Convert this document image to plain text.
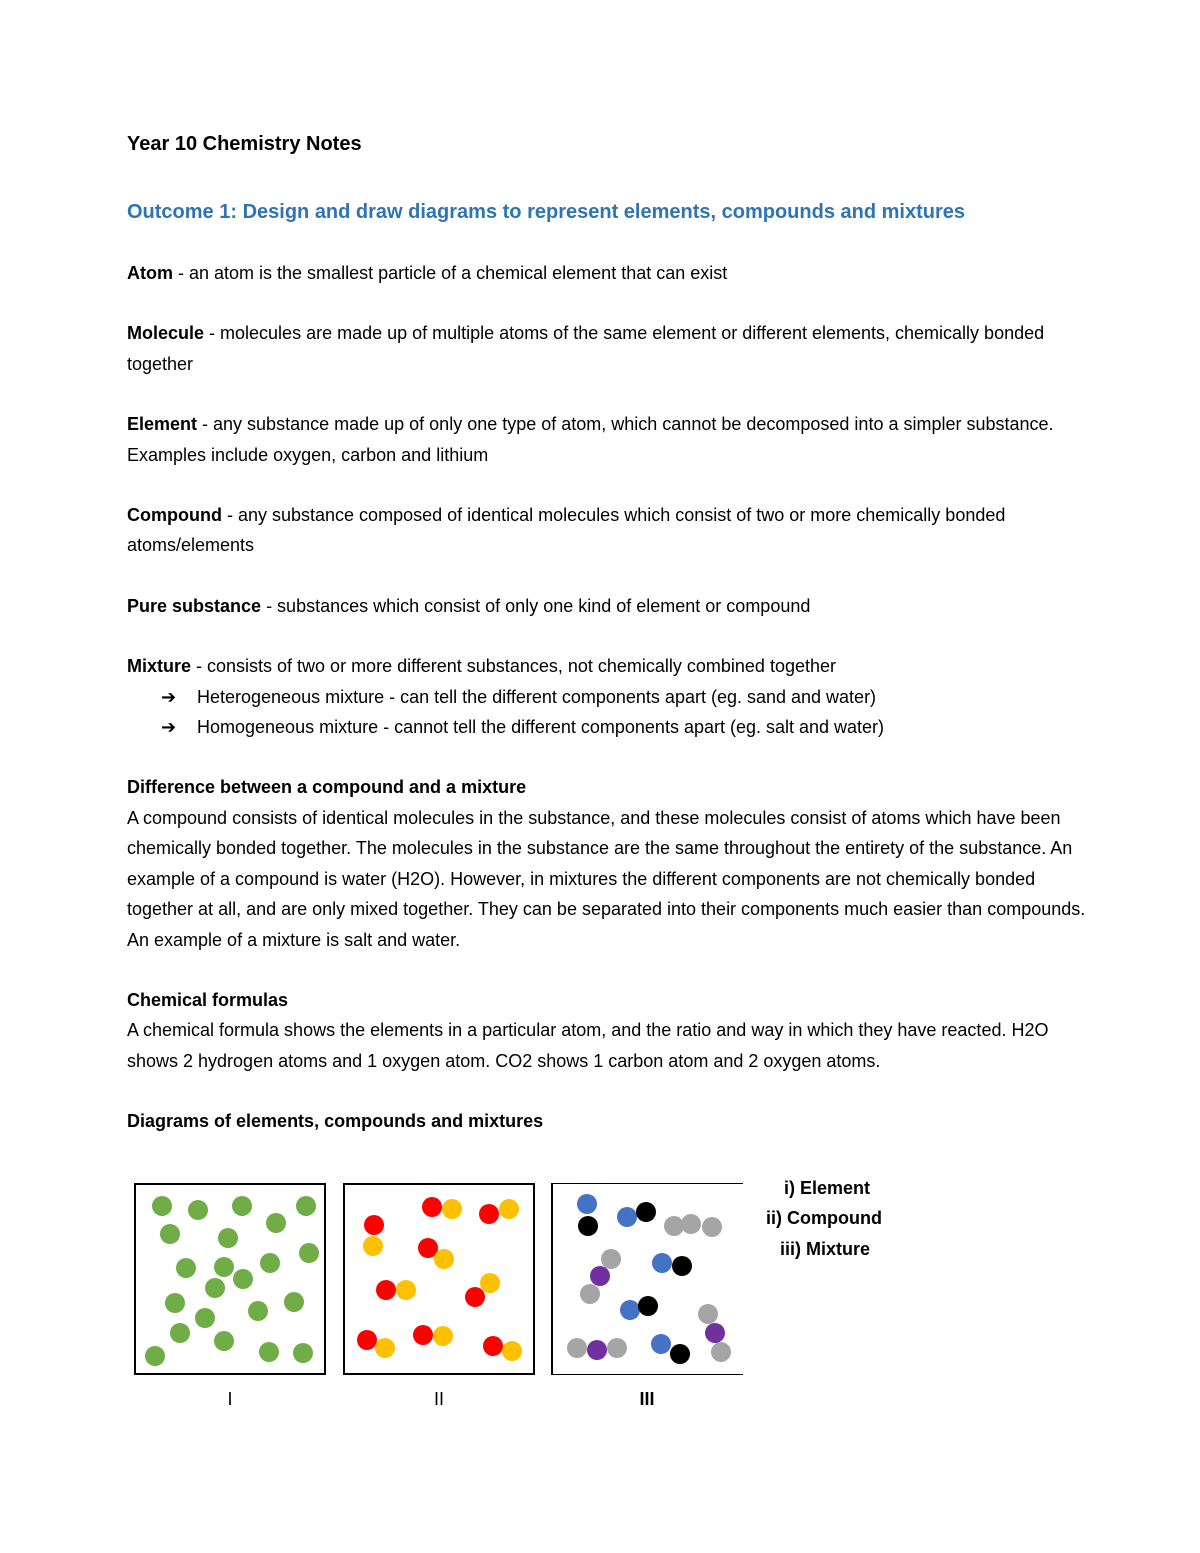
Year 10 Chemistry Notes

Outcome 1: Design and draw diagrams to represent elements, compounds and mixtures

Atom - an atom is the smallest particle of a chemical element that can exist

Molecule - molecules are made up of multiple atoms of the same element or different elements, chemically bonded together

Element - any substance made up of only one type of atom, which cannot be decomposed into a simpler substance. Examples include oxygen, carbon and lithium

Compound - any substance composed of identical molecules which consist of two or more chemically bonded atoms/elements

Pure substance - substances which consist of only one kind of element or compound

Mixture - consists of two or more different substances, not chemically combined together
➔ Heterogeneous mixture - can tell the different components apart (eg. sand and water)
➔ Homogeneous mixture - cannot tell the different components apart (eg. salt and water)
Difference between a compound and a mixture
A compound consists of identical molecules in the substance, and these molecules consist of atoms which have been chemically bonded together. The molecules in the substance are the same throughout the entirety of the substance. An example of a compound is water (H2O). However, in mixtures the different components are not chemically bonded together at all, and are only mixed together. They can be separated into their components much easier than compounds. An example of a mixture is salt and water.
Chemical formulas
A chemical formula shows the elements in a particular atom, and the ratio and way in which they have reacted. H2O shows 2 hydrogen atoms and 1 oxygen atom. CO2 shows 1 carbon atom and 2 oxygen atoms.
Diagrams of elements, compounds and mixtures
I	II	III
i) Element
ii) Compound
iii) Mixture
